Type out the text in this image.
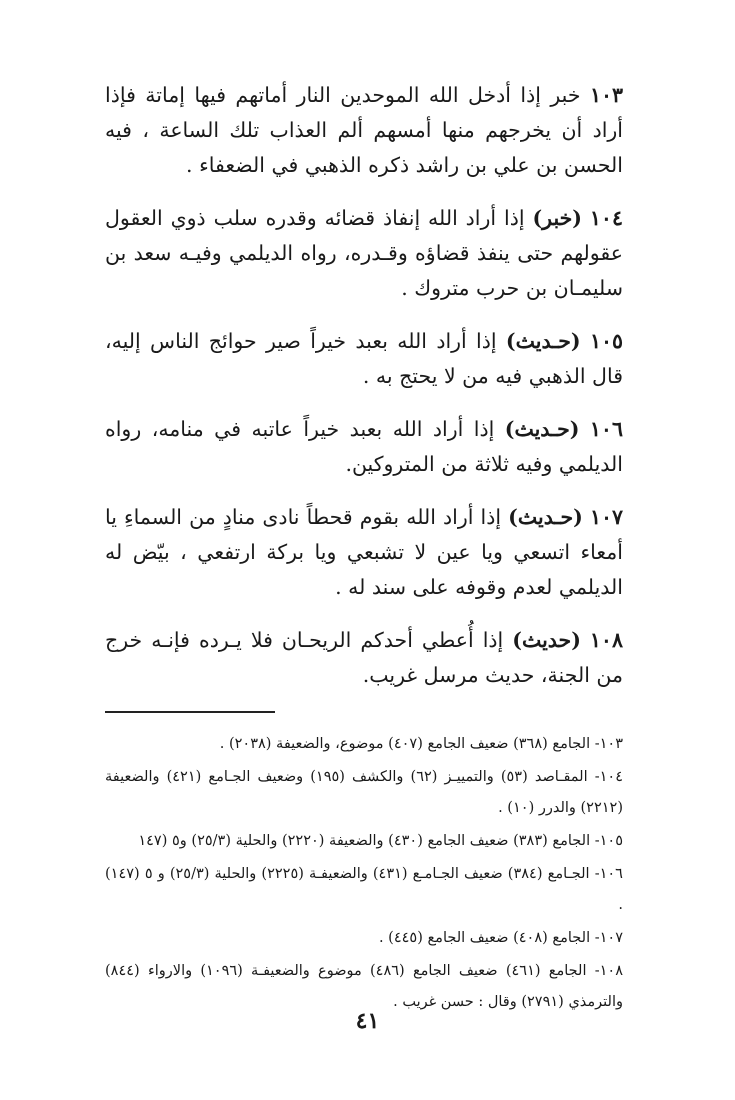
١٠٣ خبر إذا أدخل الله الموحدين النار أماتهم فيها إماتة فإذا أراد أن يخرجهم منها أمسهم ألم العذاب تلك الساعة ، فيه الحسن بن علي بن راشد ذكره الذهبي في الضعفاء .

١٠٤ (خبر) إذا أراد الله إنفاذ قضائه وقدره سلب ذوي العقول عقولهم حتى ينفذ قضاؤه وقـدره، رواه الديلمي وفيـه سعد بن سليمـان بن حرب متروك .

١٠٥ (حـديث) إذا أراد الله بعبد خيراً صير حوائج الناس إليه، قال الذهبي فيه من لا يحتج به .

١٠٦ (حـديث) إذا أراد الله بعبد خيراً عاتبه في منامه، رواه الديلمي وفيه ثلاثة من المتروكين.

١٠٧ (حـديث) إذا أراد الله بقوم قحطاً نادى منادٍ من السماءِ يا أمعاء اتسعي ويا عين لا تشبعي ويا بركة ارتفعي ، بيّض له الديلمي لعدم وقوفه على سند له .

١٠٨ (حديث) إذا أُعطي أحدكم الريحـان فلا يـرده فإنـه خرج من الجنة، حديث مرسل غريب.

١٠٣- الجامع (٣٦٨) ضعيف الجامع (٤٠٧) موضوع، والضعيفة (٢٠٣٨) .

١٠٤- المقـاصد (٥٣) والتمييـز (٦٢) والكشف (١٩٥) وضعيف الجـامع (٤٢١) والضعيفة (٢٢١٢) والدرر (١٠) .

١٠٥- الجامع (٣٨٣) ضعيف الجامع (٤٣٠) والضعيفة (٢٢٢٠) والحلية (٢٥/٣) و٥ (١٤٧

١٠٦- الجـامع (٣٨٤) ضعيف الجـامـع (٤٣١) والضعيفـة (٢٢٢٥) والحلية (٢٥/٣) و ٥ (١٤٧) .

١٠٧- الجامع (٤٠٨) ضعيف الجامع (٤٤٥) .

١٠٨- الجامع (٤٦١) ضعيف الجامع (٤٨٦) موضوع والضعيفـة (١٠٩٦) والارواء (٨٤٤) والترمذي (٢٧٩١) وقال : حسن غريب .

٤١
